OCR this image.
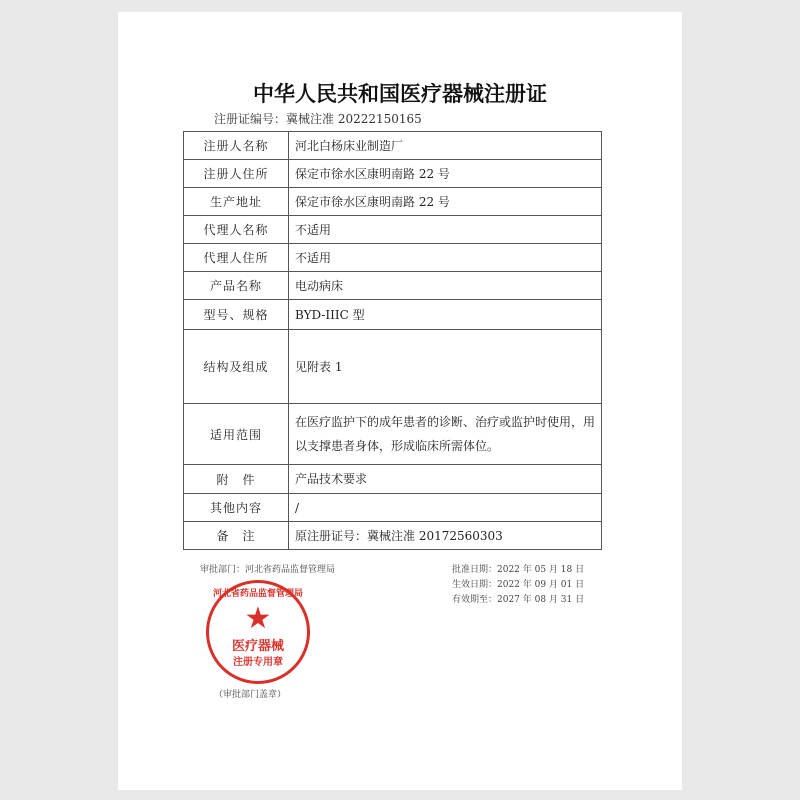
中华人民共和国医疗器械注册证
注册证编号：冀械注准 20222150165
注册人名称	河北白杨床业制造厂
注册人住所	保定市徐水区康明南路 22 号
生产地址	保定市徐水区康明南路 22 号
代理人名称	不适用
代理人住所	不适用
产品名称	电动病床
型号、规格	BYD-IIIC 型
结构及组成	见附表 1
适用范围	在医疗监护下的成年患者的诊断、治疗或监护时使用，用以支撑患者身体，形成临床所需体位。
附　件	产品技术要求
其他内容	/
备　注	原注册证号：冀械注准 20172560303
审批部门：河北省药品监督管理局
（审批部门盖章）
批准日期：2022 年 05 月 18 日
生效日期：2022 年 09 月 01 日
有效期至：2027 年 08 月 31 日
河北省药品监督管理局
★
医疗器械
注册专用章
